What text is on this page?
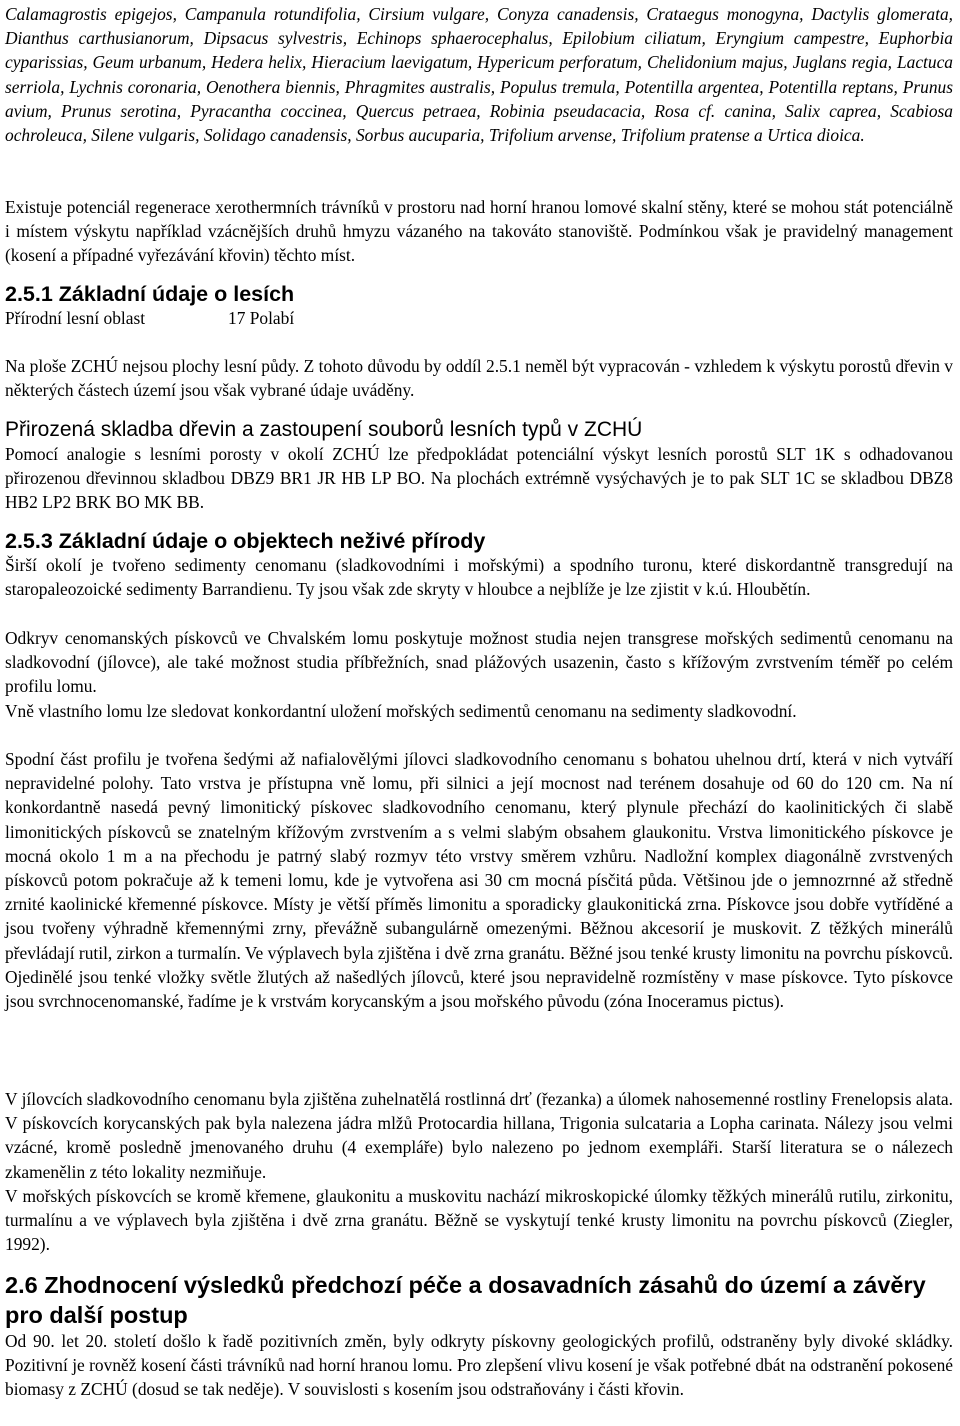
Calamagrostis epigejos, Campanula rotundifolia, Cirsium vulgare, Conyza canadensis, Crataegus monogyna, Dactylis glomerata, Dianthus carthusianorum, Dipsacus sylvestris, Echinops sphaerocephalus, Epilobium ciliatum, Eryngium campestre, Euphorbia cyparissias, Geum urbanum, Hedera helix, Hieracium laevigatum, Hypericum perforatum, Chelidonium majus, Juglans regia, Lactuca serriola, Lychnis coronaria, Oenothera biennis, Phragmites australis, Populus tremula, Potentilla argentea, Potentilla reptans, Prunus avium, Prunus serotina, Pyracantha coccinea, Quercus petraea, Robinia pseudacacia, Rosa cf. canina, Salix caprea, Scabiosa ochroleuca, Silene vulgaris, Solidago canadensis, Sorbus aucuparia, Trifolium arvense, Trifolium pratense a Urtica dioica.

Existuje potenciál regenerace xerothermních trávníků v prostoru nad horní hranou lomové skalní stěny, které se mohou stát potenciálně i místem výskytu například vzácnějších druhů hmyzu vázaného na takováto stanoviště. Podmínkou však je pravidelný management (kosení a případné vyřezávání křovin) těchto míst.

2.5.1 Základní údaje o lesích
Přírodní lesní oblast	17 Polabí

Na ploše ZCHÚ nejsou plochy lesní půdy. Z tohoto důvodu by oddíl 2.5.1 neměl být vypracován - vzhledem k výskytu porostů dřevin v některých částech území jsou však vybrané údaje uváděny.

Přirozená skladba dřevin a zastoupení souborů lesních typů v ZCHÚ

Pomocí analogie s lesními porosty v okolí ZCHÚ lze předpokládat potenciální výskyt lesních porostů SLT 1K s odhadovanou přirozenou dřevinnou skladbou DBZ9 BR1 JR HB LP BO. Na plochách extrémně vysýchavých je to pak SLT 1C se skladbou DBZ8 HB2 LP2 BRK BO MK BB.

2.5.3 Základní údaje o objektech neživé přírody

Širší okolí je tvořeno sedimenty cenomanu (sladkovodními i mořskými) a spodního turonu, které diskordantně transgredují na staropaleozoické sedimenty Barrandienu. Ty jsou však zde skryty v hloubce a nejblíže je lze zjistit v k.ú. Hloubětín.

Odkryv cenomanských pískovců ve Chvalském lomu poskytuje možnost studia nejen transgrese mořských sedimentů cenomanu na sladkovodní (jílovce), ale také možnost studia příbřežních, snad plážových usazenin, často s křížovým zvrstvením téměř po celém profilu lomu.

Vně vlastního lomu lze sledovat konkordantní uložení mořských sedimentů cenomanu na sedimenty sladkovodní.

Spodní část profilu je tvořena šedými až nafialovělými jílovci sladkovodního cenomanu s bohatou uhelnou drtí, která v nich vytváří nepravidelné polohy. Tato vrstva je přístupna vně lomu, při silnici a její mocnost nad terénem dosahuje od 60 do 120 cm. Na ní konkordantně nasedá pevný limonitický pískovec sladkovodního cenomanu, který plynule přechází do kaolinitických či slabě limonitických pískovců se znatelným křížovým zvrstvením a s velmi slabým obsahem glaukonitu. Vrstva limonitického pískovce je mocná okolo 1 m a na přechodu je patrný slabý rozmyv této vrstvy směrem vzhůru. Nadložní komplex diagonálně zvrstvených pískovců potom pokračuje až k temeni lomu, kde je vytvořena asi 30 cm mocná písčitá půda. Většinou jde o jemnozrnné až středně zrnité kaolinické křemenné pískovce. Místy je větší příměs limonitu a sporadicky glaukonitická zrna. Pískovce jsou dobře vytříděné a jsou tvořeny výhradně křemennými zrny, převážně subangulárně omezenými. Běžnou akcesorií je muskovit. Z těžkých minerálů převládají rutil, zirkon a turmalín. Ve výplavech byla zjištěna i dvě zrna granátu. Běžné jsou tenké krusty limonitu na povrchu pískovců. Ojedinělé jsou tenké vložky světle žlutých až našedlých jílovců, které jsou nepravidelně rozmístěny v mase pískovce. Tyto pískovce jsou svrchnocenomanské, řadíme je k vrstvám korycanským a jsou mořského původu (zóna Inoceramus pictus).

V jílovcích sladkovodního cenomanu byla zjištěna zuhelnatělá rostlinná drť (řezanka) a úlomek nahosemenné rostliny Frenelopsis alata. V pískovcích korycanských pak byla nalezena jádra mlžů Protocardia hillana, Trigonia sulcataria a Lopha carinata. Nálezy jsou velmi vzácné, kromě posledně jmenovaného druhu (4 exempláře) bylo nalezeno po jednom exempláři. Starší literatura se o nálezech zkamenělin z této lokality nezmiňuje.

V mořských pískovcích se kromě křemene, glaukonitu a muskovitu nachází mikroskopické úlomky těžkých minerálů rutilu, zirkonitu, turmalínu a ve výplavech byla zjištěna i dvě zrna granátu. Běžně se vyskytují tenké krusty limonitu na povrchu pískovců (Ziegler, 1992).

2.6 Zhodnocení výsledků předchozí péče a dosavadních zásahů do území a závěry pro další postup

Od 90. let 20. století došlo k řadě pozitivních změn, byly odkryty pískovny geologických profilů, odstraněny byly divoké skládky. Pozitivní je rovněž kosení části trávníků nad horní hranou lomu. Pro zlepšení vlivu kosení je však potřebné dbát na odstranění pokosené biomasy z ZCHÚ (dosud se tak neděje). V souvislosti s kosením jsou odstraňovány i části křovin.
